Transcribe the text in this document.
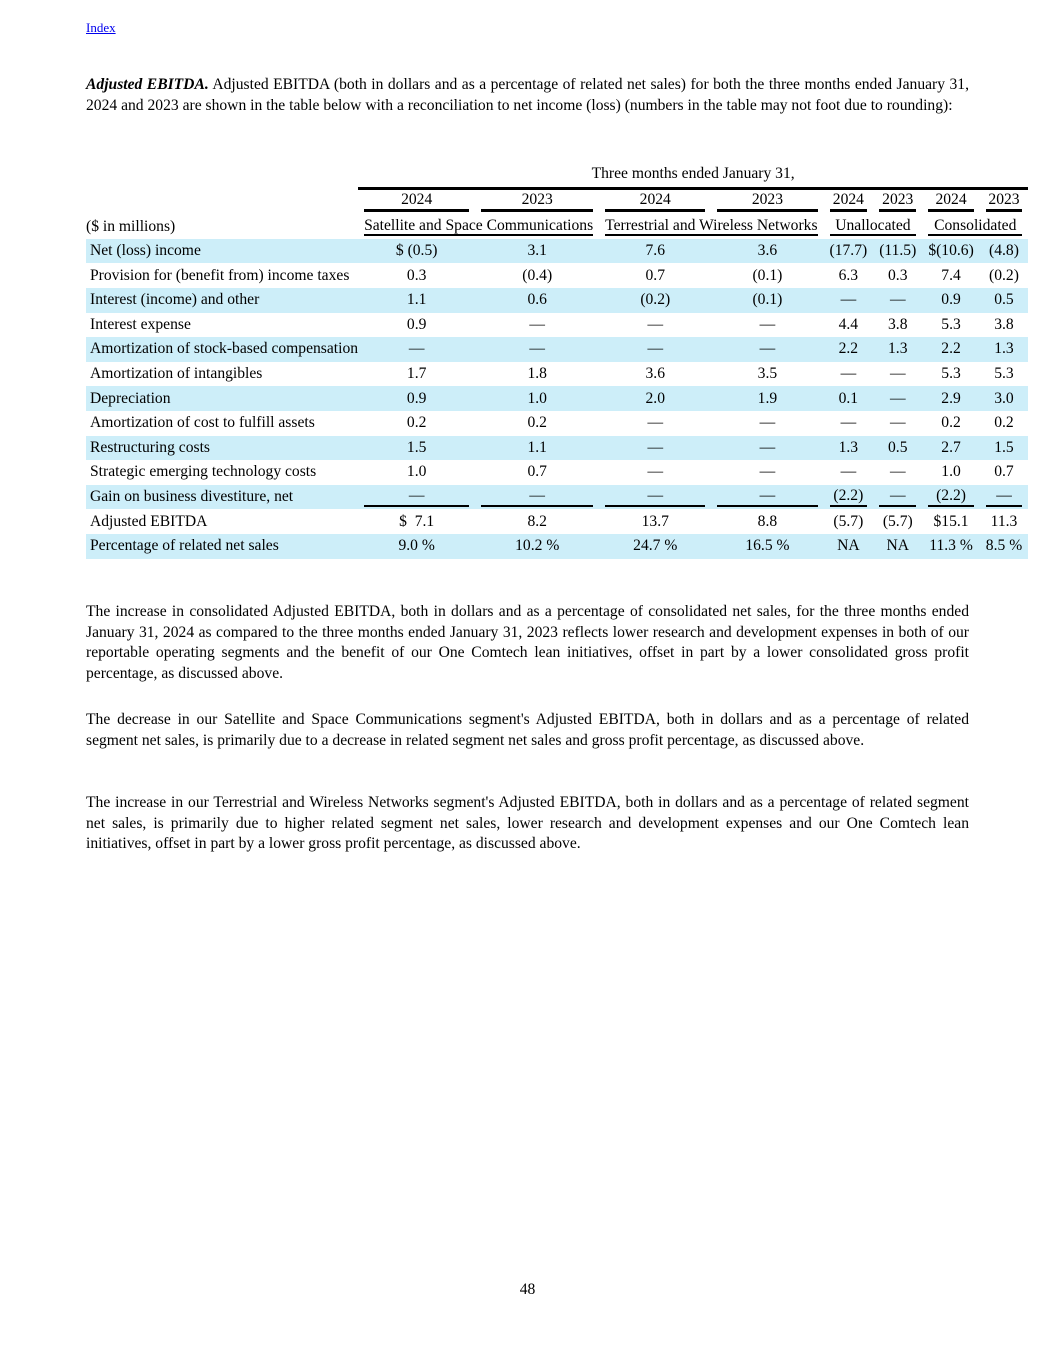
Index

Adjusted EBITDA. Adjusted EBITDA (both in dollars and as a percentage of related net sales) for both the three months ended January 31, 2024 and 2023 are shown in the table below with a reconciliation to net income (loss) (numbers in the table may not foot due to rounding):

	Three months ended January 31,							

	2024	2023	2024	2023	2024	2023	2024	2023

($ in millions)	Satellite and Space Communications		Terrestrial and Wireless Networks		Unallocated		Consolidated	

Net (loss) income	$ (0.5)	3.1	7.6	3.6	(17.7)	(11.5)	$(10.6)	(4.8)

Provision for (benefit from) income taxes	0.3	(0.4)	0.7	(0.1)	6.3	0.3	7.4	(0.2)

Interest (income) and other	1.1	0.6	(0.2)	(0.1)	—	—	0.9	0.5

Interest expense	0.9	—	—	—	4.4	3.8	5.3	3.8

Amortization of stock-based compensation	—	—	—	—	2.2	1.3	2.2	1.3

Amortization of intangibles	1.7	1.8	3.6	3.5	—	—	5.3	5.3

Depreciation	0.9	1.0	2.0	1.9	0.1	—	2.9	3.0

Amortization of cost to fulfill assets	0.2	0.2	—	—	—	—	0.2	0.2

Restructuring costs	1.5	1.1	—	—	1.3	0.5	2.7	1.5

Strategic emerging technology costs	1.0	0.7	—	—	—	—	1.0	0.7

Gain on business divestiture, net	—	—	—	—	(2.2)	—	(2.2)	—

Adjusted EBITDA	$  7.1	8.2	13.7	8.8	(5.7)	(5.7)	$15.1	11.3

Percentage of related net sales	9.0 %	10.2 %	24.7 %	16.5 %	NA	NA	11.3 %	8.5 %

The increase in consolidated Adjusted EBITDA, both in dollars and as a percentage of consolidated net sales, for the three months ended January 31, 2024 as compared to the three months ended January 31, 2023 reflects lower research and development expenses in both of our reportable operating segments and the benefit of our One Comtech lean initiatives, offset in part by a lower consolidated gross profit percentage, as discussed above.

The decrease in our Satellite and Space Communications segment's Adjusted EBITDA, both in dollars and as a percentage of related segment net sales, is primarily due to a decrease in related segment net sales and gross profit percentage, as discussed above.

The increase in our Terrestrial and Wireless Networks segment's Adjusted EBITDA, both in dollars and as a percentage of related segment net sales, is primarily due to higher related segment net sales, lower research and development expenses and our One Comtech lean initiatives, offset in part by a lower gross profit percentage, as discussed above.

48
